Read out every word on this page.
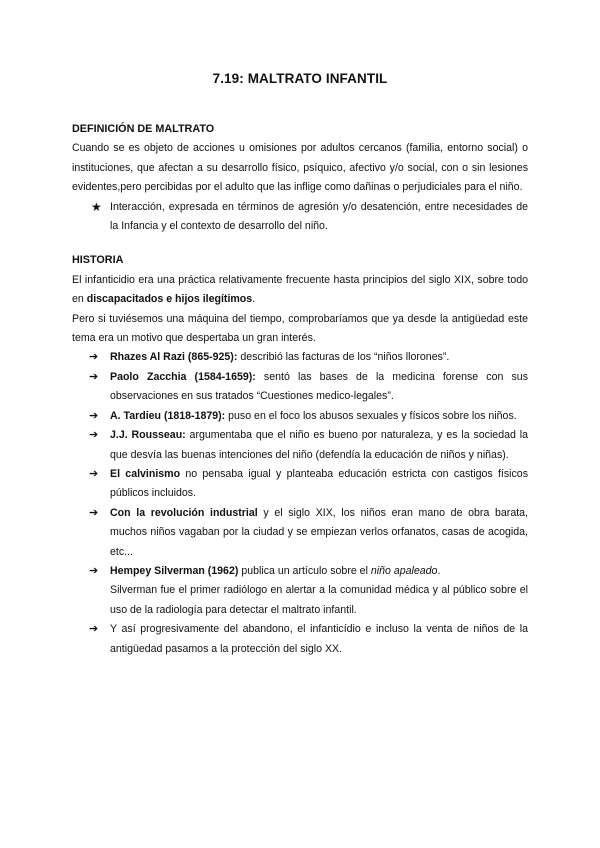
7.19: MALTRATO INFANTIL

DEFINICIÓN DE MALTRATO

Cuando se es objeto de acciones u omisiones por adultos cercanos (familia, entorno social) o instituciones, que afectan a su desarrollo físico, psíquico, afectivo y/o social, con o sin lesiones evidentes,pero percibidas por el adulto que las inflige como dañinas o perjudiciales para el niño.

★ Interacción, expresada en términos de agresión y/o desatención, entre necesidades de la Infancia y el contexto de desarrollo del niño.

HISTORIA

El infanticidio era una práctica relativamente frecuente hasta principios del siglo XIX, sobre todo en discapacitados e hijos ilegítimos.

Pero si tuviésemos una máquina del tiempo, comprobaríamos que ya desde la antigüedad este tema era un motivo que despertaba un gran interés.

➔ Rhazes Al Razi (865-925): describió las facturas de los “niños llorones”.
➔ Paolo Zacchia (1584-1659): sentó las bases de la medicina forense con sus observaciones en sus tratados “Cuestiones medico-legales”.
➔ A. Tardieu (1818-1879): puso en el foco los abusos sexuales y físicos sobre los niños.
➔ J.J. Rousseau: argumentaba que el niño es bueno por naturaleza, y es la sociedad la que desvía las buenas intenciones del niño (defendía la educación de niños y niñas).
➔ El calvinismo no pensaba igual y planteaba educación estricta con castigos físicos públicos incluidos.
➔ Con la revolución industrial y el siglo XIX, los niños eran mano de obra barata, muchos niños vagaban por la ciudad y se empiezan verlos orfanatos, casas de acogida, etc...
➔ Hempey Silverman (1962) publica un artículo sobre el niño apaleado.
Silverman fue el primer radiólogo en alertar a la comunidad médica y al público sobre el uso de la radiología para detectar el maltrato infantil.
➔ Y así progresivamente del abandono, el infanticídio e incluso la venta de niños de la antigüedad pasamos a la protección del siglo XX.
